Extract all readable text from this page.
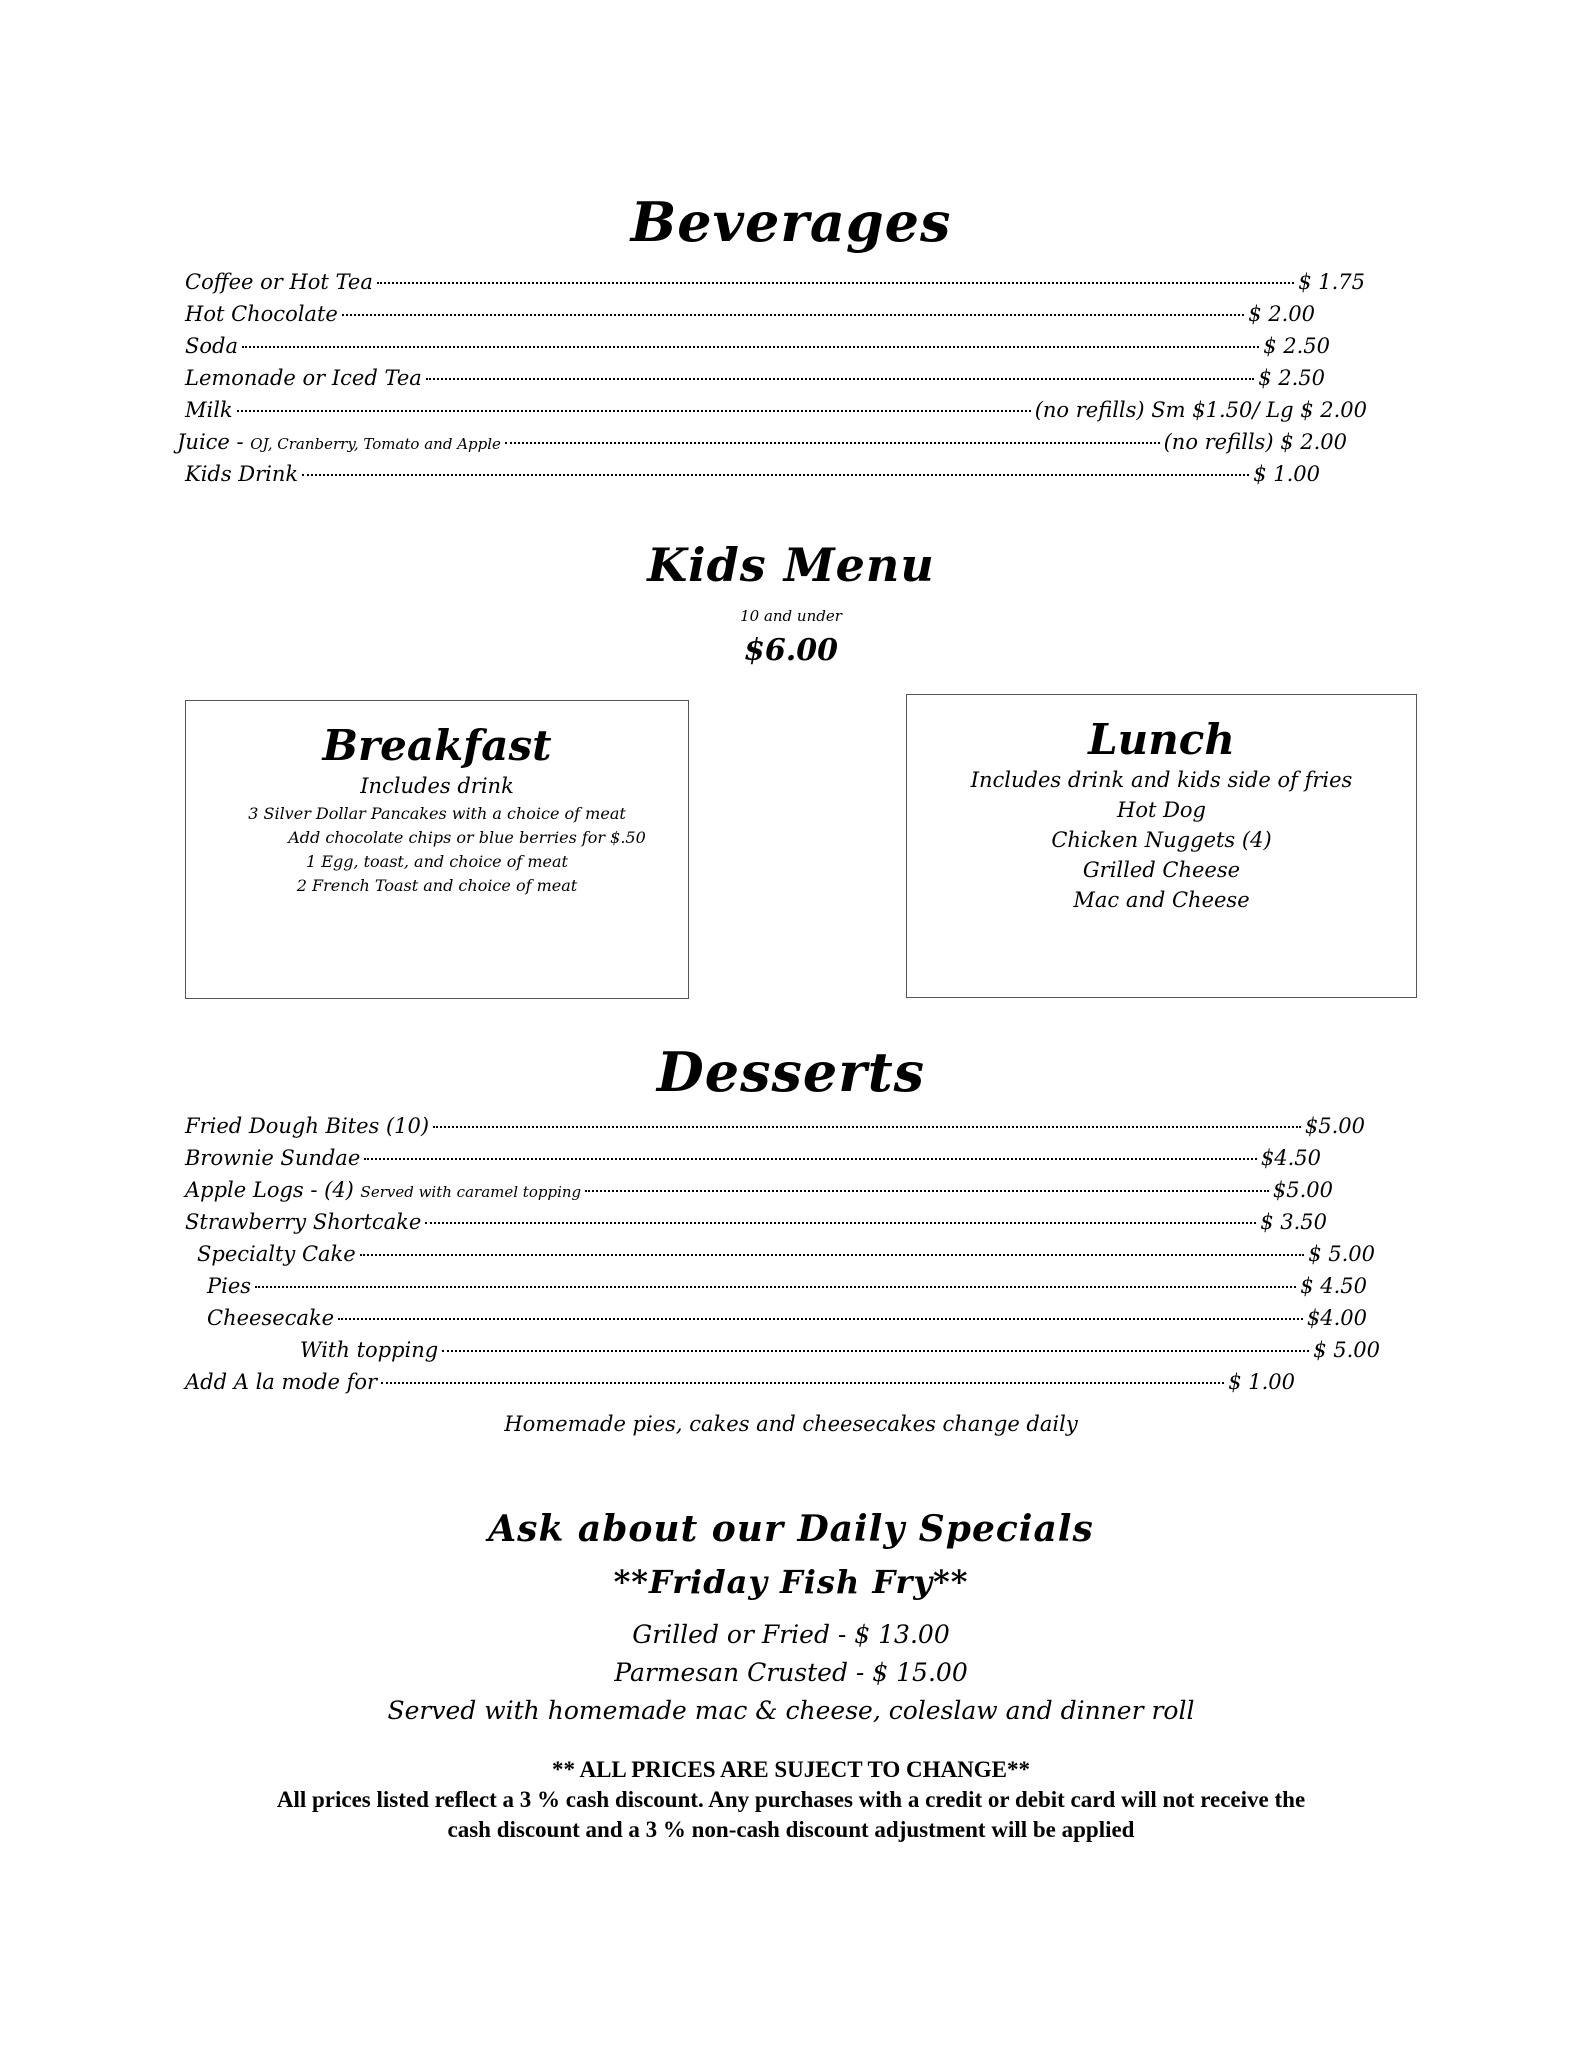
Beverages
Coffee or Hot Tea	$ 1.75
Hot Chocolate	$ 2.00
Soda	$ 2.50
Lemonade or Iced Tea	$ 2.50
Milk	(no refills) Sm $1.50/ Lg $ 2.00
Juice - OJ, Cranberry, Tomato and Apple	(no refills) $ 2.00
Kids Drink	$ 1.00
Kids Menu
10 and under
$6.00
Breakfast
Includes drink
3 Silver Dollar Pancakes with a choice of meat
Add chocolate chips or blue berries for $.50
1 Egg, toast, and choice of meat
2 French Toast and choice of meat
Lunch
Includes drink and kids side of fries
Hot Dog
Chicken Nuggets (4)
Grilled Cheese
Mac and Cheese
Desserts
Fried Dough Bites (10)	$5.00
Brownie Sundae	$4.50
Apple Logs - (4) Served with caramel topping	$5.00
Strawberry Shortcake	$ 3.50
Specialty Cake	$ 5.00
Pies	$ 4.50
Cheesecake	$4.00
With topping	$ 5.00
Add A la mode for	$ 1.00
Homemade pies, cakes and cheesecakes change daily
Ask about our Daily Specials
**Friday Fish Fry**
Grilled or Fried - $ 13.00
Parmesan Crusted - $ 15.00
Served with homemade mac & cheese, coleslaw and dinner roll
** ALL PRICES ARE SUJECT TO CHANGE**
All prices listed reflect a 3 % cash discount. Any purchases with a credit or debit card will not receive the
cash discount and a 3 % non-cash discount adjustment will be applied
